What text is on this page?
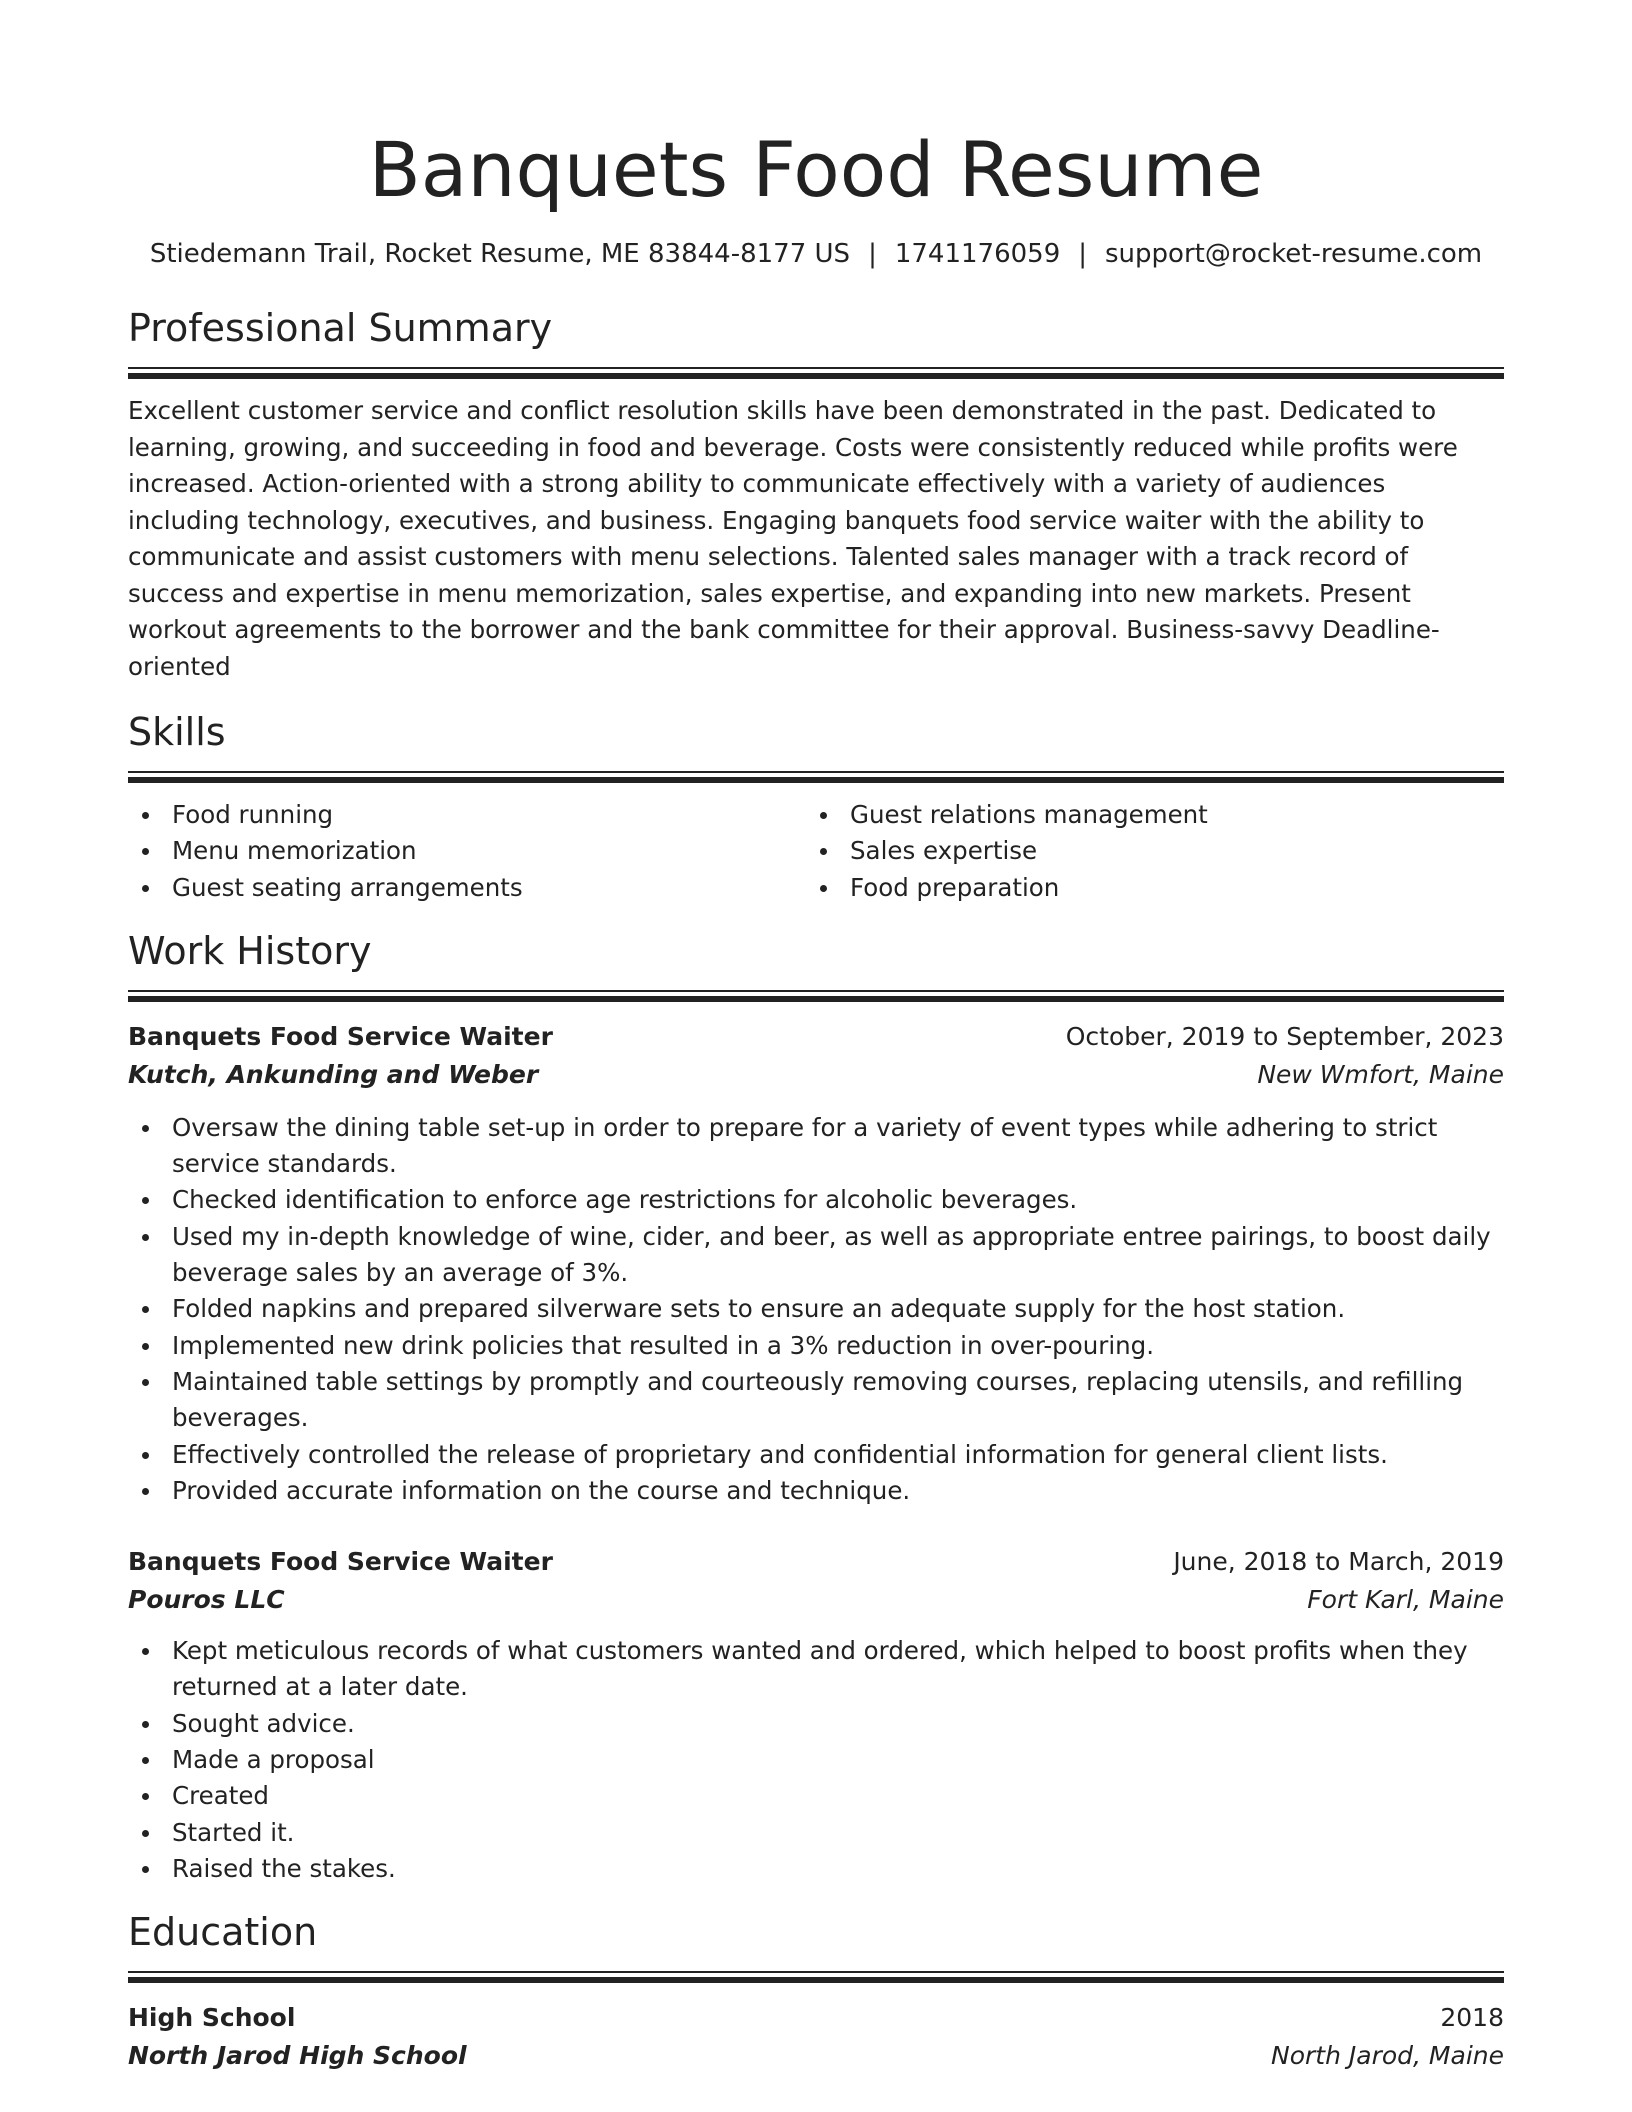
Banquets Food Resume
Stiedemann Trail, Rocket Resume, ME 83844-8177 US | 1741176059 | support@rocket-resume.com
Professional Summary
Excellent customer service and conflict resolution skills have been demonstrated in the past. Dedicated to learning, growing, and succeeding in food and beverage. Costs were consistently reduced while profits were increased. Action-oriented with a strong ability to communicate effectively with a variety of audiences including technology, executives, and business. Engaging banquets food service waiter with the ability to communicate and assist customers with menu selections. Talented sales manager with a track record of success and expertise in menu memorization, sales expertise, and expanding into new markets. Present workout agreements to the borrower and the bank committee for their approval. Business-savvy Deadline-oriented
Skills
Food running
Menu memorization
Guest seating arrangements
Guest relations management
Sales expertise
Food preparation
Work History
Banquets Food Service Waiter	October, 2019 to September, 2023
Kutch, Ankunding and Weber	New Wmfort, Maine
Oversaw the dining table set-up in order to prepare for a variety of event types while adhering to strict service standards.
Checked identification to enforce age restrictions for alcoholic beverages.
Used my in-depth knowledge of wine, cider, and beer, as well as appropriate entree pairings, to boost daily beverage sales by an average of 3%.
Folded napkins and prepared silverware sets to ensure an adequate supply for the host station.
Implemented new drink policies that resulted in a 3% reduction in over-pouring.
Maintained table settings by promptly and courteously removing courses, replacing utensils, and refilling beverages.
Effectively controlled the release of proprietary and confidential information for general client lists.
Provided accurate information on the course and technique.
Banquets Food Service Waiter	June, 2018 to March, 2019
Pouros LLC	Fort Karl, Maine
Kept meticulous records of what customers wanted and ordered, which helped to boost profits when they returned at a later date.
Sought advice.
Made a proposal
Created
Started it.
Raised the stakes.
Education
High School	2018
North Jarod High School	North Jarod, Maine
